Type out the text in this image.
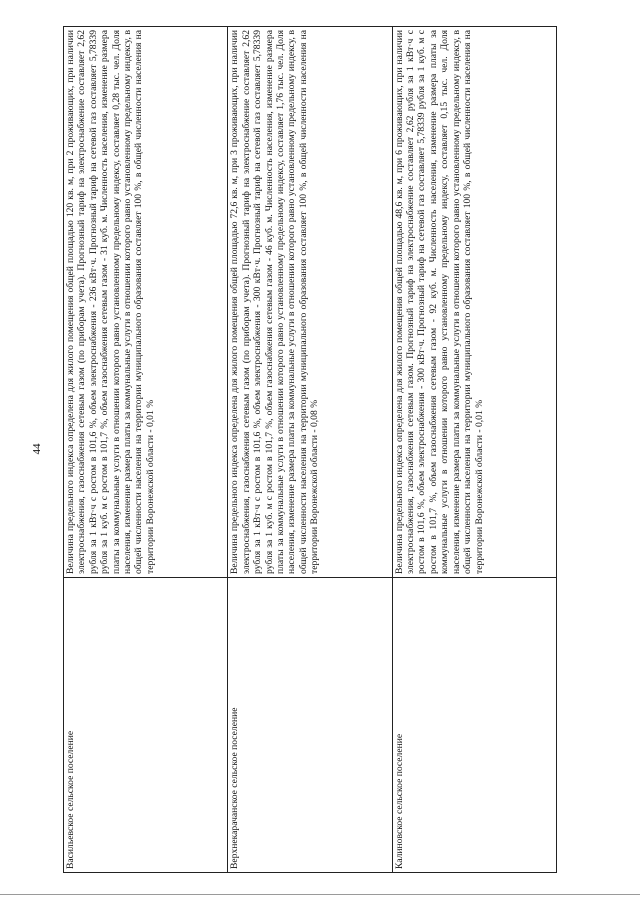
44
Васильевское сельское поселение	Величина предельного индекса определена для жилого помещения общей площадью 120 кв. м, при 2 проживающих, при наличии электроснабжения, газоснабжения сетевым газом (по приборам учета). Прогнозный тариф на электроснабжение составляет 2,62 рубля за 1 кВт·ч с ростом в 101,6 %, объем электроснабжения - 236 кВт·ч. Прогнозный тариф на сетевой газ составляет 5,78339 рубля за 1 куб. м с ростом в 101,7 %, объем газоснабжения сетевым газом - 31 куб. м. Численность населения, изменение размера платы за коммунальные услуги в отношении которого равно установленному предельному индексу, составляет 0,28 тыс. чел. Доля населения, изменение размера платы за коммунальные услуги в отношении которого равно установленному предельному индексу, в общей численности населения на территории муниципального образования составляет 100 %, в общей численности населения на территории Воронежской области - 0,01 %
Верхнекарачанское сельское поселение	Величина предельного индекса определена для жилого помещения общей площадью 72,6 кв. м, при 3 проживающих, при наличии электроснабжения, газоснабжения сетевым газом (по приборам учета). Прогнозный тариф на электроснабжение составляет 2,62 рубля за 1 кВт·ч с ростом в 101,6 %, объем электроснабжения - 300 кВт·ч. Прогнозный тариф на сетевой газ составляет 5,78339 рубля за 1 куб. м с ростом в 101,7 %, объем газоснабжения сетевым газом - 46 куб. м. Численность населения, изменение размера платы за коммунальные услуги в отношении которого равно установленному предельному индексу, составляет 1,76 тыс. чел. Доля населения, изменение размера платы за коммунальные услуги в отношении которого равно установленному предельному индексу, в общей численности населения на территории муниципального образования составляет 100 %, в общей численности населения на территории Воронежской области - 0,08 %
Калиновское сельское поселение	Величина предельного индекса определена для жилого помещения общей площадью 48,6 кв. м, при 6 проживающих, при наличии электроснабжения, газоснабжения сетевым газом. Прогнозный тариф на электроснабжение составляет 2,62 рубля за 1 кВт·ч с ростом в 101,6 %, объем электроснабжения - 300 кВт·ч. Прогнозный тариф на сетевой газ составляет 5,78339 рубля за 1 куб. м с ростом в 101,7 %, объем газоснабжения сетевым газом - 92 куб. м. Численность населения, изменение размера платы за коммунальные услуги в отношении которого равно установленному предельному индексу, составляет 0,15 тыс. чел. Доля населения, изменение размера платы за коммунальные услуги в отношении которого равно установленному предельному индексу, в общей численности населения на территории муниципального образования составляет 100 %, в общей численности населения на территории Воронежской области - 0,01 %
